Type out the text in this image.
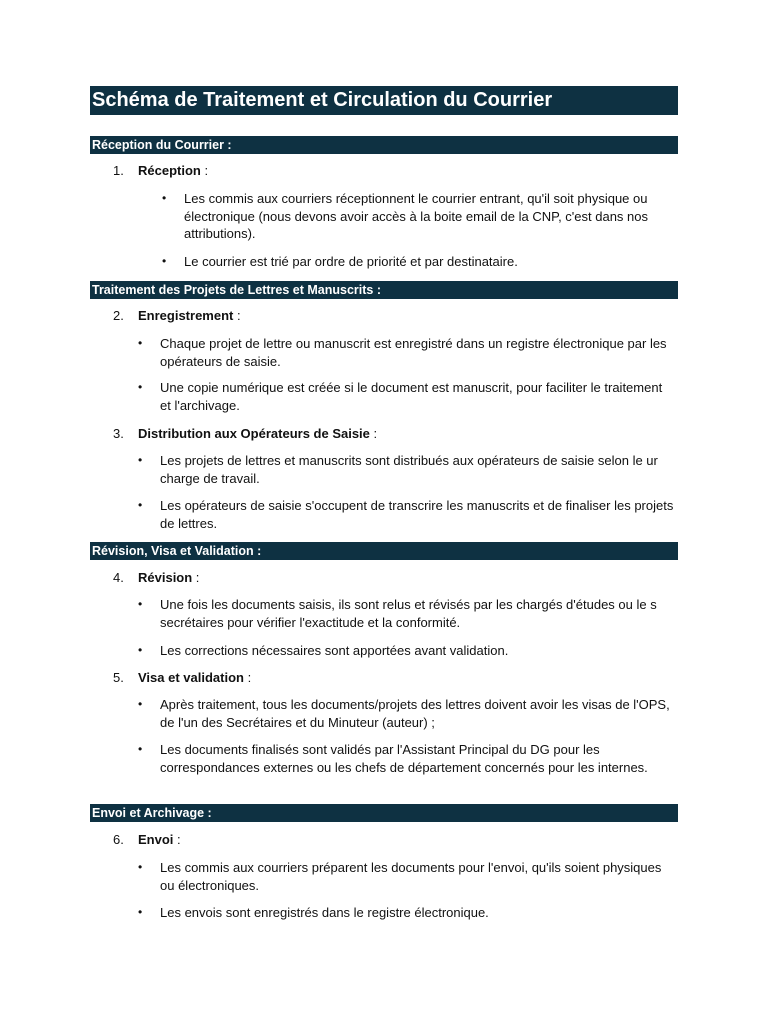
Schéma de Traitement et Circulation du Courrier
Réception du Courrier :
1. Réception :
• Les commis aux courriers réceptionnent le courrier entrant, qu'il soit physique ou électronique (nous devons avoir accès à la boite email de la CNP, c'est dans nos attributions).
• Le courrier est trié par ordre de priorité et par destinataire.
Traitement des Projets de Lettres et Manuscrits :
2. Enregistrement :
• Chaque projet de lettre ou manuscrit est enregistré dans un registre électronique par les opérateurs de saisie.
• Une copie numérique est créée si le document est manuscrit, pour faciliter le traitement et l'archivage.
3. Distribution aux Opérateurs de Saisie :
• Les projets de lettres et manuscrits sont distribués aux opérateurs de saisie selon le ur charge de travail.
• Les opérateurs de saisie s'occupent de transcrire les manuscrits et de finaliser les projets de lettres.
Révision, Visa et Validation :
4. Révision :
• Une fois les documents saisis, ils sont relus et révisés par les chargés d'études ou le s secrétaires pour vérifier l'exactitude et la conformité.
• Les corrections nécessaires sont apportées avant validation.
5. Visa et validation :
• Après traitement, tous les documents/projets des lettres doivent avoir les visas de l'OPS, de l'un des Secrétaires et du Minuteur (auteur) ;
• Les documents finalisés sont validés par l'Assistant Principal du DG pour les correspondances externes ou les chefs de département concernés pour les internes.
Envoi et Archivage :
6. Envoi :
• Les commis aux courriers préparent les documents pour l'envoi, qu'ils soient physiques ou électroniques.
• Les envois sont enregistrés dans le registre électronique.
